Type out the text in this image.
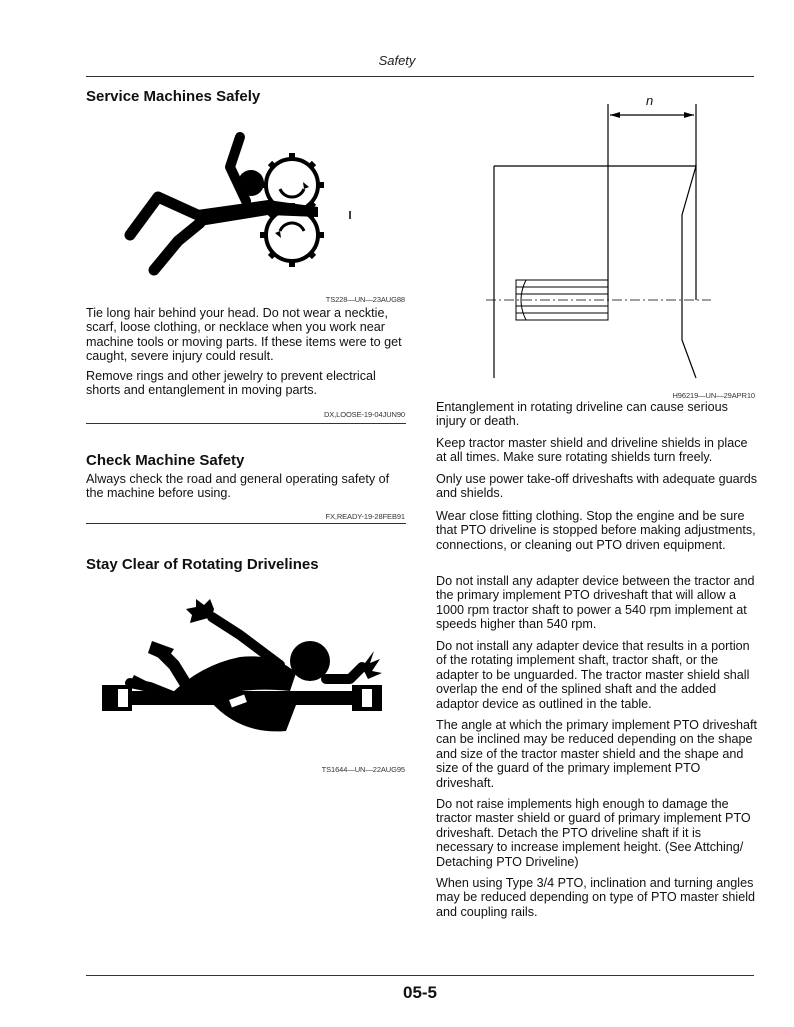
Safety
Service Machines Safely
TS228—UN—23AUG88
Tie long hair behind your head. Do not wear a necktie, scarf, loose clothing, or necklace when you work near machine tools or moving parts. If these items were to get caught, severe injury could result.
Remove rings and other jewelry to prevent electrical shorts and entanglement in moving parts.
DX,LOOSE-19-04JUN90
Check Machine Safety
Always check the road and general operating safety of the machine before using.
FX,READY-19-28FEB91
Stay Clear of Rotating Drivelines
TS1644—UN—22AUG95
n
H96219—UN—29APR10
Entanglement in rotating driveline can cause serious injury or death.
Keep tractor master shield and driveline shields in place at all times. Make sure rotating shields turn freely.
Only use power take-off driveshafts with adequate guards and shields.
Wear close fitting clothing. Stop the engine and be sure that PTO driveline is stopped before making adjustments, connections, or cleaning out PTO driven equipment.
Do not install any adapter device between the tractor and the primary implement PTO driveshaft that will allow a 1000 rpm tractor shaft to power a 540 rpm implement at speeds higher than 540 rpm.
Do not install any adapter device that results in a portion of the rotating implement shaft, tractor shaft, or the adapter to be unguarded. The tractor master shield shall overlap the end of the splined shaft and the added adaptor device as outlined in the table.
The angle at which the primary implement PTO driveshaft can be inclined may be reduced depending on the shape and size of the tractor master shield and the shape and size of the guard of the primary implement PTO driveshaft.
Do not raise implements high enough to damage the tractor master shield or guard of primary implement PTO driveshaft. Detach the PTO driveline shaft if it is necessary to increase implement height. (See Attching/ Detaching PTO Driveline)
When using Type 3/4 PTO, inclination and turning angles may be reduced depending on type of PTO master shield and coupling rails.
05-5
